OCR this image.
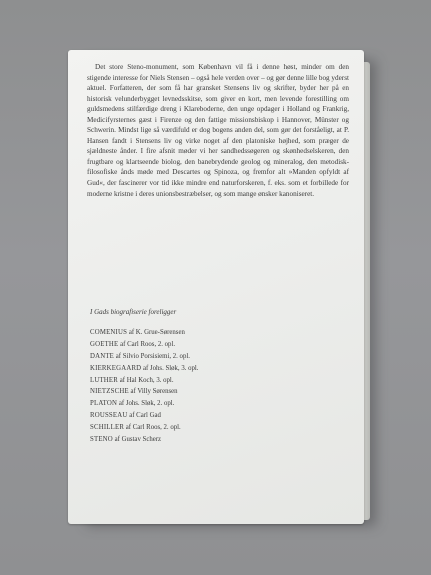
Det store Steno-monument, som København vil få i denne høst, minder om den stigende interesse for Niels Stensen – også hele verden over – og gør denne lille bog yderst aktuel. Forfatteren, der som få har gransket Stensens liv og skrifter, byder her på en historisk velunderbygget levnedsskitse, som giver en kort, men levende forestilling om guldsmedens stilfærdige dreng i Klareboderne, den unge opdager i Holland og Frankrig, Medicifyrsternes gæst i Firenze og den fattige missionsbiskop i Hannover, Münster og Schwerin. Mindst lige så værdifuld er dog bogens anden del, som gør det forståeligt, at P. Hansen fandt i Stensens liv og virke noget af den platoniske højhed, som præger de sjældneste ånder. I fire afsnit møder vi her sandhedssøgeren og skønhedselskeren, den frugtbare og klartseende biolog, den banebrydende geolog og mineralog, den metodisk-filosofiske ånds møde med Descartes og Spinoza, og fremfor alt »Manden opfyldt af Gud«, der fascinerer vor tid ikke mindre end naturforskeren, f. eks. som et forbillede for moderne kristne i deres unionsbestræbelser, og som mange ønsker kanoniseret.

I Gads biografiserie foreligger

COMENIUS af K. Grue-Sørensen
GOETHE af Carl Roos, 2. opl.
DANTE af Silvio Porsisiemi, 2. opl.
KIERKEGAARD af Johs. Sløk, 3. opl.
LUTHER af Hal Koch, 3. opl.
NIETZSCHE af Villy Sørensen
PLATON af Johs. Sløk, 2. opl.
ROUSSEAU af Carl Gad
SCHILLER af Carl Roos, 2. opl.
STENO af Gustav Scherz
